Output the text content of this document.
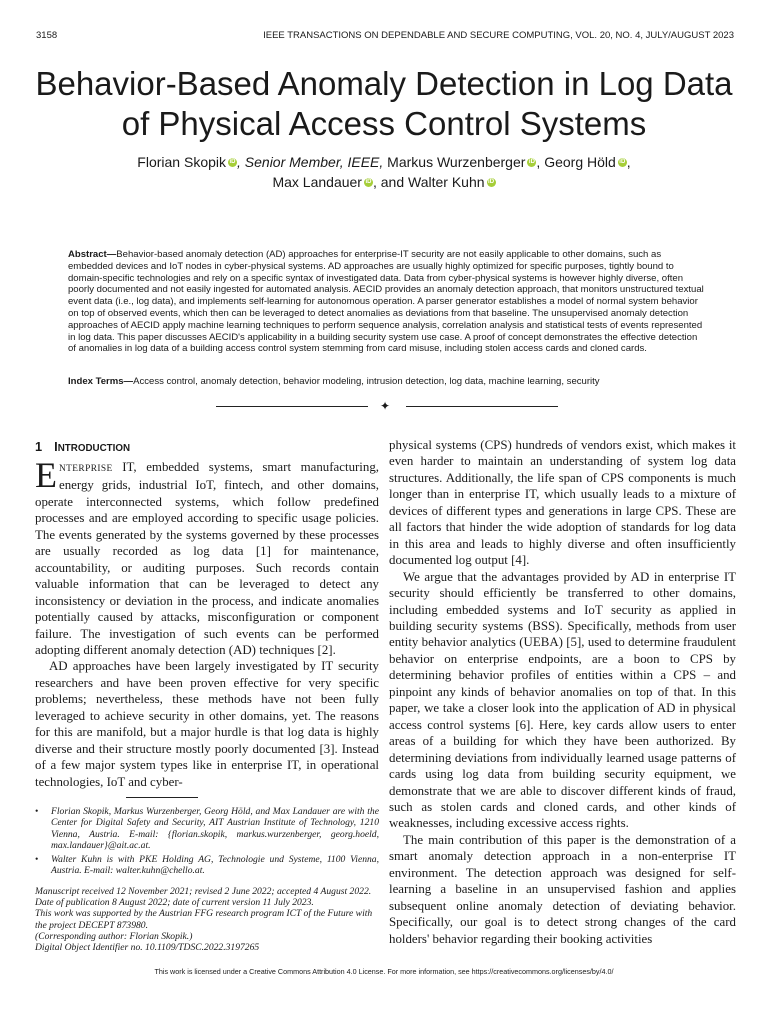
3158	IEEE TRANSACTIONS ON DEPENDABLE AND SECURE COMPUTING, VOL. 20, NO. 4, JULY/AUGUST 2023
Behavior-Based Anomaly Detection in Log Data
of Physical Access Control Systems
Florian Skopik iD , Senior Member, IEEE, Markus Wurzenberger iD , Georg Höld iD ,
Max Landauer iD , and Walter Kuhn iD

Abstract—Behavior-based anomaly detection (AD) approaches for enterprise-IT security are not easily applicable to other domains, such as embedded devices and IoT nodes in cyber-physical systems. AD approaches are usually highly optimized for specific purposes, tightly bound to domain-specific technologies and rely on a specific syntax of investigated data. Data from cyber-physical systems is however highly diverse, often poorly documented and not easily ingested for automated analysis. AECID provides an anomaly detection approach, that monitors unstructured textual event data (i.e., log data), and implements self-learning for autonomous operation. A parser generator establishes a model of normal system behavior on top of observed events, which then can be leveraged to detect anomalies as deviations from that baseline. The unsupervised anomaly detection approaches of AECID apply machine learning techniques to perform sequence analysis, correlation analysis and statistical tests of events represented in log data. This paper discusses AECID's applicability in a building security system use case. A proof of concept demonstrates the effective detection of anomalies in log data of a building access control system stemming from card misuse, including stolen access cards and cloned cards.

Index Terms—Access control, anomaly detection, behavior modeling, intrusion detection, log data, machine learning, security

✦
1 INTRODUCTION

ENTERPRISE IT, embedded systems, smart manufacturing, energy grids, industrial IoT, fintech, and other domains, operate interconnected systems, which follow predefined processes and are employed according to specific usage policies. The events generated by the systems governed by these processes are usually recorded as log data [1] for maintenance, accountability, or auditing purposes. Such records contain valuable information that can be leveraged to detect any inconsistency or deviation in the process, and indicate anomalies potentially caused by attacks, misconfiguration or component failure. The investigation of such events can be performed adopting different anomaly detection (AD) techniques [2].

AD approaches have been largely investigated by IT security researchers and have been proven effective for very specific problems; nevertheless, these methods have not been fully leveraged to achieve security in other domains, yet. The reasons for this are manifold, but a major hurdle is that log data is highly diverse and their structure mostly poorly documented [3]. Instead of a few major system types like in enterprise IT, in operational technologies, IoT and cyber-

physical systems (CPS) hundreds of vendors exist, which makes it even harder to maintain an understanding of system log data structures. Additionally, the life span of CPS components is much longer than in enterprise IT, which usually leads to a mixture of devices of different types and generations in large CPS. These are all factors that hinder the wide adoption of standards for log data in this area and leads to highly diverse and often insufficiently documented log output [4].

We argue that the advantages provided by AD in enterprise IT security should efficiently be transferred to other domains, including embedded systems and IoT security as applied in building security systems (BSS). Specifically, methods from user entity behavior analytics (UEBA) [5], used to determine fraudulent behavior on enterprise endpoints, are a boon to CPS by determining behavior profiles of entities within a CPS – and pinpoint any kinds of behavior anomalies on top of that. In this paper, we take a closer look into the application of AD in physical access control systems [6]. Here, key cards allow users to enter areas of a building for which they have been authorized. By determining deviations from individually learned usage patterns of cards using log data from building security equipment, we demonstrate that we are able to discover different kinds of fraud, such as stolen cards and cloned cards, and other kinds of weaknesses, including excessive access rights.

The main contribution of this paper is the demonstration of a smart anomaly detection approach in a non-enterprise IT environment. The detection approach was designed for self-learning a baseline in an unsupervised fashion and applies subsequent online anomaly detection of deviating behavior. Specifically, our goal is to detect strong changes of the card holders' behavior regarding their booking activities

•	Florian Skopik, Markus Wurzenberger, Georg Höld, and Max Landauer are with the Center for Digital Safety and Security, AIT Austrian Institute of Technology, 1210 Vienna, Austria. E-mail: {florian.skopik, markus.wurzenberger, georg.hoeld, max.landauer}@ait.ac.at.
•	Walter Kuhn is with PKE Holding AG, Technologie und Systeme, 1100 Vienna, Austria. E-mail: walter.kuhn@chello.at.

Manuscript received 12 November 2021; revised 2 June 2022; accepted 4 August 2022. Date of publication 8 August 2022; date of current version 11 July 2023.

This work was supported by the Austrian FFG research program ICT of the Future with the project DECEPT 873980.

(Corresponding author: Florian Skopik.)

Digital Object Identifier no. 10.1109/TDSC.2022.3197265

This work is licensed under a Creative Commons Attribution 4.0 License. For more information, see https://creativecommons.org/licenses/by/4.0/
